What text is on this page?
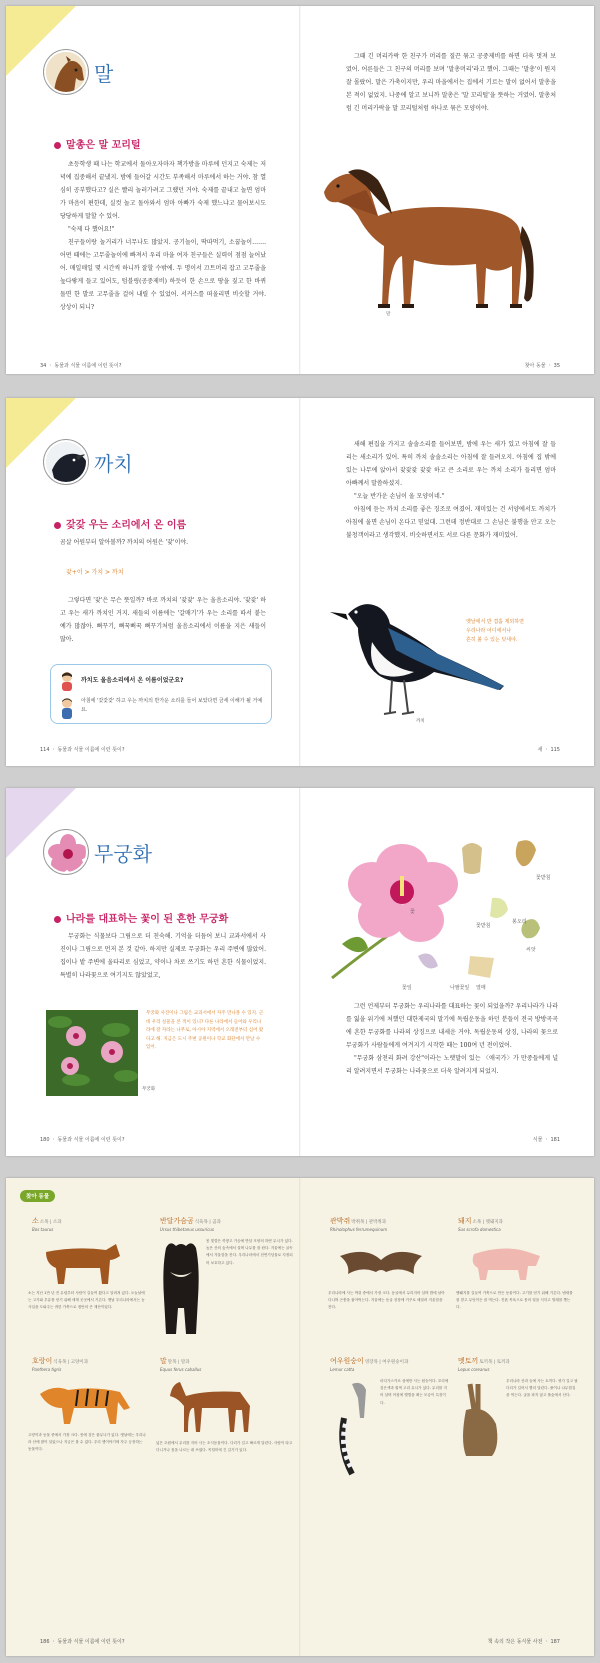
말
말총은 말 꼬리털

초등학생 때 나는 학교에서 돌아오자마자 책가방을 마루에 던지고 숙제는 저녁에 집중해서 끝냈지. 밤에 들어갈 시간도 부족해서 마루에서 하는 거야. 참 열심히 공부했다고? 실은 빨리 놀러가려고 그랬던 거야. 숙제를 끝내고 놀면 엄마가 마음이 편한데, 실컷 놀고 돌아와서 엄마 아빠가 숙제 했느냐고 물어보시도 당당하게 말할 수 있어.

"숙제 다 했어요!"

친구들이랑 놀거리가 너무나도 많았지. 공기놀이, 딱따먹기, 소꿉놀이……. 어떤 때에는 고무줄놀이에 빠져서 우리 마을 여자 친구들은 실력이 점점 늘어났어. 매일매일 몇 시간씩 하니까 잘할 수밖에. 두 명이서 끄트머리 잡고 고무줄을 높다랗게 들고 있어도, 텀블링(공중제비) 하듯이 한 손으로 땅을 짚고 한 바퀴 돌면 한 발로 고무줄을 걸어 내릴 수 있었어. 서커스를 떠올리면 비슷할 거야. 상상이 되니?

그때 긴 머리카락 한 친구가 머리를 질끈 묶고 공중제비를 하면 더욱 멋져 보였어. 어른들은 그 친구의 머리를 보며 '말총머리'라고 했어. 그때는 '말총'이 뭔지 잘 몰랐어. 말은 가축이지만, 우리 마을에서는 집에서 기르는 말이 없어서 말총을 본 적이 없었지. 나중에 알고 보니까 말총은 '말 꼬리털'을 뜻하는 거였어. 말총처럼 긴 머리카락을 말 꼬리털처럼 하나로 묶은 모양이야.

말
34 ㆍ 동물과 식물 이름에 이런 뜻이?	찾아 동물 ㆍ 35
까치
갗갗 우는 소리에서 온 이름
곰살 어원부터 알아볼까? 까치의 어원은 '갗'이야.
갗+이 > 가치 > 까치
그렇다면 '갗'은 무슨 뜻일까? 바로 까치의 '갗갗' 우는 울음소리야. '갗갗' 하고 우는 새가 까치인 거지. 새들의 이름에는 '갈매기'가 우는 소리를 따서 붙는 예가 많잖아. 뻐꾸기, 뻐꾹뻐꾹 뻐꾸기처럼 울음소리에서 이름을 지은 새들이 많아.
까치도 울음소리에서 온 이름이었군요?
아침에 '갗갗갗' 하고 우는 까치의 반가운 소리를 들어 보았다면 금세 이해가 될 거예요.

새해 편집을 가지고 솔솔소리를 들어보면, 밤에 우는 새가 있고 아침에 잘 들리는 새소리가 있어. 특히 까치 솔솔소리는 아침에 잘 들려오지. 아침에 집 밖에 있는 나무에 앉아서 갗갗갗 갗갗 하고 큰 소리로 우는 까치 소리가 들리면 엄마 아빠께서 말씀하셨지.

"오늘 반가운 손님이 올 모양이네."

아침에 듣는 까치 소리를 좋은 징조로 여겼어. 재미있는 건 서양에서도 까치가 아침에 울면 손님이 온다고 믿었대. 그런데 정반대로 그 손님은 불행을 안고 오는 불청객이라고 생각했지. 비슷하면서도 서로 다른 문화가 재미있어.

까치
옛날에서 반 겹홉 제외하면
우리나라 어디에서나
흔히 볼 수 있는 텃새야.
114 ㆍ 동물과 식물 이름에 이런 뜻이?	새 ㆍ 115
무궁화
나라를 대표하는 꽃이 된 흔한 무궁화
무궁화는 식물보다 그림으로 더 친숙해. 기억을 더듬어 보니 교과서에서 사진이나 그림으로 먼저 본 것 같아. 하지만 실제로 무궁화는 우리 주변에 많았어. 집이나 밭 주변에 울타리로 심었고, 약이나 차로 쓰기도 하던 흔한 식물이었지. 특별히 나라꽃으로 여기지도 않았었고,
무궁화
무궁화 사진이나 그림은 교과서에서 자주 만나볼 수 있지. 근데 우리 실물을 본 적이 있니? 다른 나라에서 들어와 우리나라에 잘 자라는 나무로, 아시아 지역에서 오래전부터 심어 왔다고 해. 지금은 도시 주변 공원이나 학교 화단에서 만날 수 있어.
꽃받침
봉오리
꽃받침
씨앗
나팔꽃잎
꽃
꽃잎	열매

그런 언제부터 무궁화는 우리나라를 대표하는 꽃이 되었을까? 우리나라가 나라를 잃을 위기에 처했던 대한제국의 말기에 독립운동을 하던 분들이 전국 방방곡곡에 흔한 무궁화를 나라의 상징으로 내세운 거야. 독립운동의 상징, 나라의 꽃으로 무궁화가 사람들에게 여겨지기 시작한 때는 100여 년 전이었어.

"무궁화 삼천리 화려 강산"이라는 노랫말이 있는 〈애국가〉가 만중들에게 널리 알려지면서 무궁화는 나라꽃으로 더욱 알려지게 되었지.

180 ㆍ 동물과 식물 이름에 이런 뜻이?	식물 ㆍ 181
찾아 동물
소소목 | 소과
Bos taurus
소는 지난 1만 년 전 무렵부터 사람이 길들여 왔다고 알려져 있다. 오늘날에는 고기와 우유를 얻기 위해 세계 곳곳에서 기른다. 옛날 우리나라에서는 농사일을 도와주는 귀한 가축으로 집안의 큰 재산이었다.
반달가슴곰식육목 | 곰과
Ursus thibetanus ussuricus
몸 빛깔은 까맣고 가슴에 반달 모양의 하얀 무늬가 있다. 높은 산의 숲속에서 살며 나무를 잘 탄다. 겨울에는 굴속에서 겨울잠을 잔다. 우리나라에서 천연기념물로 지정되어 보호하고 있다.
관박쥐박쥐목 | 관박쥐과
Rhinolophus ferrumequinum
우리나라에 사는 박쥐 중에서 가장 크다. 동굴에서 무리지어 살며 밤에 날아다니며 곤충을 잡아먹는다. 겨울에는 동굴 천장에 거꾸로 매달려 겨울잠을 잔다.
돼지소목 | 멧돼지과
Sus scrofa domestica
멧돼지를 길들여 가축으로 만든 동물이다. 고기를 얻기 위해 기른다. 냄새를 잘 맡고 무엇이든 잘 먹는다. 진흙 목욕으로 몸의 열을 식히고 벌레를 쫓는다.
호랑이식육목 | 고양이과
Panthera tigris
고양이과 동물 중에서 가장 크다. 몸에 검은 줄무늬가 있다. 옛날에는 우리나라 산에 많이 살았으나 지금은 볼 수 없다. 우리 옛이야기에 자주 등장하는 동물이다.
말말목 | 말과
Equus ferus caballus
넓은 초원에서 무리를 지어 사는 초식동물이다. 다리가 길고 빠르게 달린다. 사람이 타고 다니거나 짐을 나르는 데 쓰였다. 목덜미에 긴 갈기가 있다.
여우원숭이영장목 | 여우원숭이과
Lemur catta
마다가스카르 섬에만 사는 원숭이다. 꼬리에 검은색과 흰색 고리 무늬가 있다. 무리를 지어 살며 아침에 햇볕을 쬐는 모습이 특징이다.
멧토끼토끼목 | 토끼과
Lepus coreanus
우리나라 산과 들에 사는 토끼다. 귀가 길고 뒷다리가 길어서 빨리 달린다. 풀이나 나무껍질을 먹는다. 굴을 파지 않고 풀숲에서 산다.
186 ㆍ 동물과 식물 이름에 이런 뜻이?	책 속의 작은 동식물 사전 ㆍ 187
